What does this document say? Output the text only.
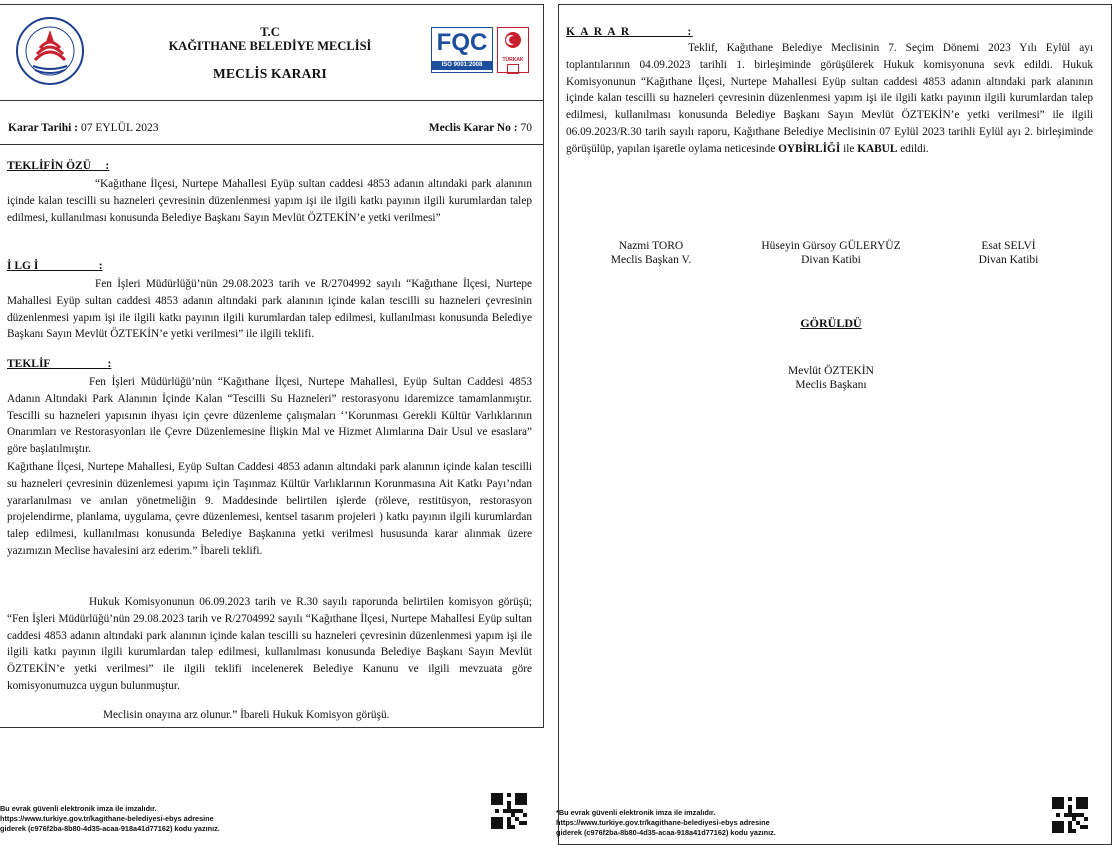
T.C
KAĞITHANE BELEDİYE MECLİSİ
MECLİS KARARI
FQC
ISO 9001:2008
TÜRKAK
Karar Tarihi : 07 EYLÜL 2023	Meclis Karar No : 70
TEKLİFİN ÖZÜ     :
“Kağıthane İlçesi, Nurtepe Mahallesi Eyüp sultan caddesi 4853 adanın altındaki park alanının içinde kalan tescilli su hazneleri çevresinin düzenlenmesi yapım işi ile ilgili katkı payının ilgili kurumlardan talep edilmesi, kullanılması konusunda Belediye Başkanı Sayın Mevlüt ÖZTEKİN’e yetki verilmesi”
İ LG İ                     :
Fen İşleri Müdürlüğü’nün 29.08.2023 tarih ve R/2704992 sayılı “Kağıthane İlçesi, Nurtepe Mahallesi Eyüp sultan caddesi 4853 adanın altındaki park alanının içinde kalan tescilli su hazneleri çevresinin düzenlenmesi yapım işi ile ilgili katkı payının ilgili kurumlardan talep edilmesi, kullanılması konusunda Belediye Başkanı Sayın Mevlüt ÖZTEKİN’e yetki verilmesi” ile ilgili teklifi.
TEKLİF                    :
Fen İşleri Müdürlüğü’nün “Kağıthane İlçesi, Nurtepe Mahallesi, Eyüp Sultan Caddesi 4853 Adanın Altındaki Park Alanının İçinde Kalan “Tescilli Su Hazneleri” restorasyonu idaremizce tamamlanmıştır. Tescilli su hazneleri yapısının ihyası için çevre düzenleme çalışmaları ‘’Korunması Gerekli Kültür Varlıklarının Onarımları ve Restorasyonları ile Çevre Düzenlemesine İlişkin Mal ve Hizmet Alımlarına Dair Usul ve esaslara” göre başlatılmıştır.
Kağıthane İlçesi, Nurtepe Mahallesi, Eyüp Sultan Caddesi 4853 adanın altındaki park alanının içinde kalan tescilli su hazneleri çevresinin düzenlemesi yapımı için Taşınmaz Kültür Varlıklarının Korunmasına Ait Katkı Payı’ndan yararlanılması ve anılan yönetmeliğin 9. Maddesinde belirtilen işlerde (röleve, restitüsyon, restorasyon projelendirme, planlama, uygulama, çevre düzenlemesi, kentsel tasarım projeleri ) katkı payının ilgili kurumlardan talep edilmesi, kullanılması konusunda Belediye Başkanına yetki verilmesi hususunda karar alınmak üzere yazımızın Meclise havalesini arz ederim.” İbareli teklifi.
Hukuk Komisyonunun 06.09.2023 tarih ve R.30 sayılı raporunda belirtilen komisyon görüşü; “Fen İşleri Müdürlüğü’nün 29.08.2023 tarih ve R/2704992 sayılı “Kağıthane İlçesi, Nurtepe Mahallesi Eyüp sultan caddesi 4853 adanın altındaki park alanının içinde kalan tescilli su hazneleri çevresinin düzenlenmesi yapım işi ile ilgili katkı payının ilgili kurumlardan talep edilmesi, kullanılması konusunda Belediye Başkanı Sayın Mevlüt ÖZTEKİN’e yetki verilmesi” ile ilgili teklifi incelenerek Belediye Kanunu ve ilgili mevzuata göre komisyonumuzca uygun bulunmuştur.
Meclisin onayına arz olunur.” İbareli Hukuk Komisyon görüşü.
Bu evrak güvenli elektronik imza ile imzalıdır.
https://www.turkiye.gov.tr/kagithane-belediyesi-ebys adresine
giderek (c976f2ba-8b80-4d35-acaa-918a41d77162) kodu yazınız.
K A R A R	:
Teklif, Kağıthane Belediye Meclisinin 7. Seçim Dönemi 2023 Yılı Eylül ayı toplantılarının 04.09.2023 tarihli 1. birleşiminde görüşülerek Hukuk komisyonuna sevk edildi. Hukuk Komisyonunun “Kağıthane İlçesi, Nurtepe Mahallesi Eyüp sultan caddesi 4853 adanın altındaki park alanının içinde kalan tescilli su hazneleri çevresinin düzenlenmesi yapım işi ile ilgili katkı payının ilgili kurumlardan talep edilmesi, kullanılması konusunda Belediye Başkanı Sayın Mevlüt ÖZTEKİN’e yetki verilmesi” ile ilgili 06.09.2023/R.30 tarih sayılı raporu, Kağıthane Belediye Meclisinin 07 Eylül 2023 tarihli Eylül ayı 2. birleşiminde görüşülüp, yapılan işaretle oylama neticesinde OYBİRLİĞİ ile KABUL edildi.
Nazmi TORO
Meclis Başkan V.
Hüseyin Gürsoy GÜLERYÜZ
Divan Katibi
Esat SELVİ
Divan Katibi
GÖRÜLDÜ
Mevlüt ÖZTEKİN
Meclis Başkanı
*Bu evrak güvenli elektronik imza ile imzalıdır.
https://www.turkiye.gov.tr/kagithane-belediyesi-ebys adresine
giderek (c976f2ba-8b80-4d35-acaa-918a41d77162) kodu yazınız.
